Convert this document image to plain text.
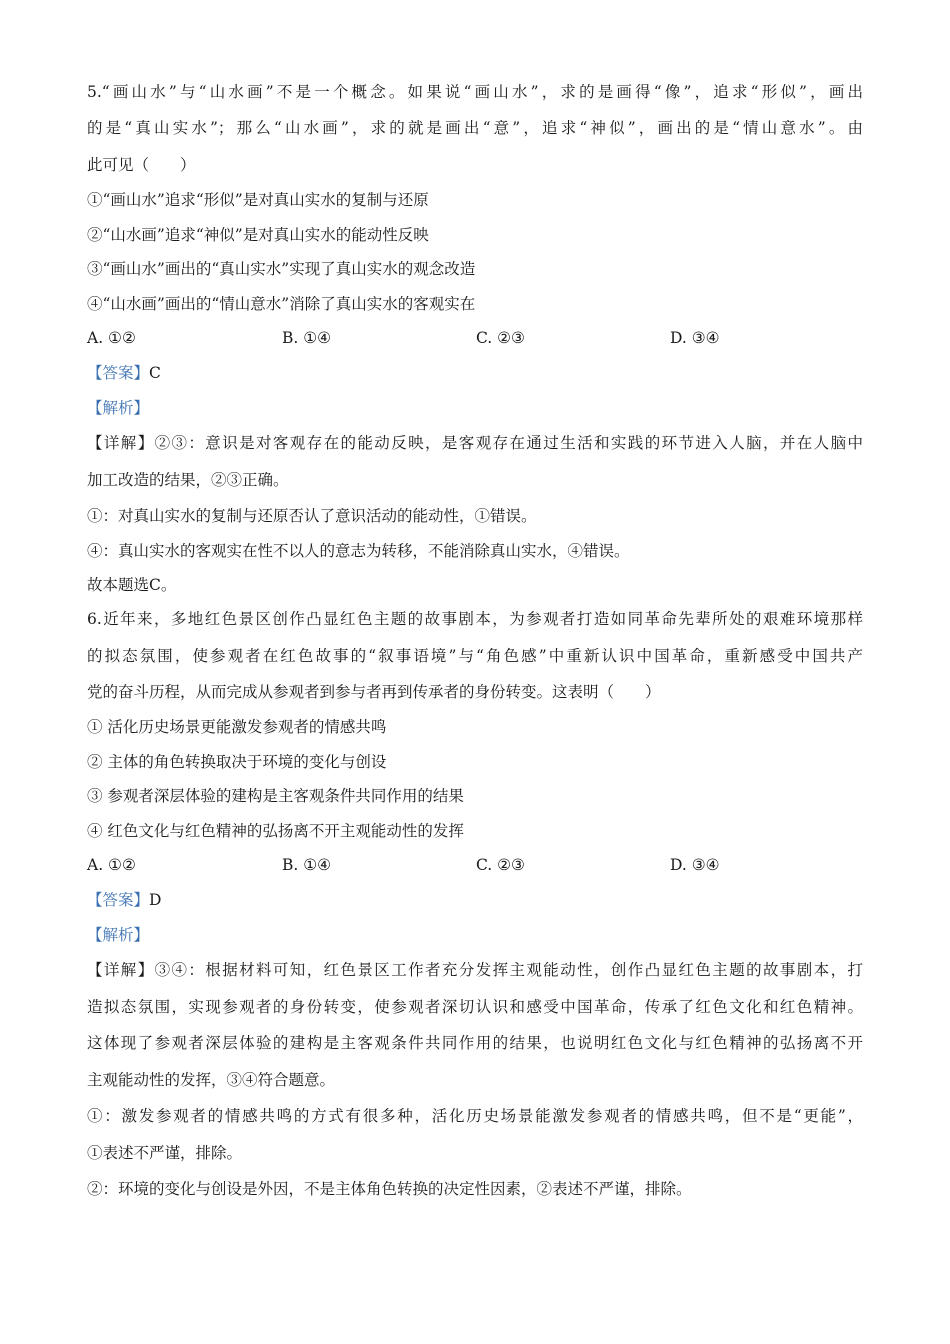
5.“画山水”与“山水画”不是一个概念。如果说“画山水”，求的是画得“像”，追求“形似”，画出
的是“真山实水”；那么“山水画”，求的就是画出“意”，追求“神似”，画出的是“情山意水”。由
此可见（　　）
①“画山水”追求“形似”是对真山实水的复制与还原
②“山水画”追求“神似”是对真山实水的能动性反映
③“画山水”画出的“真山实水”实现了真山实水的观念改造
④“山水画”画出的“情山意水”消除了真山实水的客观实在
A. ①②	B. ①④	C. ②③	D. ③④
【答案】C
【解析】
【详解】②③：意识是对客观存在的能动反映，是客观存在通过生活和实践的环节进入人脑，并在人脑中
加工改造的结果，②③正确。
①：对真山实水的复制与还原否认了意识活动的能动性，①错误。
④：真山实水的客观实在性不以人的意志为转移，不能消除真山实水，④错误。
故本题选C。
6.近年来，多地红色景区创作凸显红色主题的故事剧本，为参观者打造如同革命先辈所处的艰难环境那样
的拟态氛围，使参观者在红色故事的“叙事语境”与“角色感”中重新认识中国革命，重新感受中国共产
党的奋斗历程，从而完成从参观者到参与者再到传承者的身份转变。这表明（　　）
① 活化历史场景更能激发参观者的情感共鸣
② 主体的角色转换取决于环境的变化与创设
③ 参观者深层体验的建构是主客观条件共同作用的结果
④ 红色文化与红色精神的弘扬离不开主观能动性的发挥
A. ①②	B. ①④	C. ②③	D. ③④
【答案】D
【解析】
【详解】③④：根据材料可知，红色景区工作者充分发挥主观能动性，创作凸显红色主题的故事剧本，打
造拟态氛围，实现参观者的身份转变，使参观者深切认识和感受中国革命，传承了红色文化和红色精神。
这体现了参观者深层体验的建构是主客观条件共同作用的结果，也说明红色文化与红色精神的弘扬离不开
主观能动性的发挥，③④符合题意。
①：激发参观者的情感共鸣的方式有很多种，活化历史场景能激发参观者的情感共鸣，但不是“更能”，
①表述不严谨，排除。
②：环境的变化与创设是外因，不是主体角色转换的决定性因素，②表述不严谨，排除。
